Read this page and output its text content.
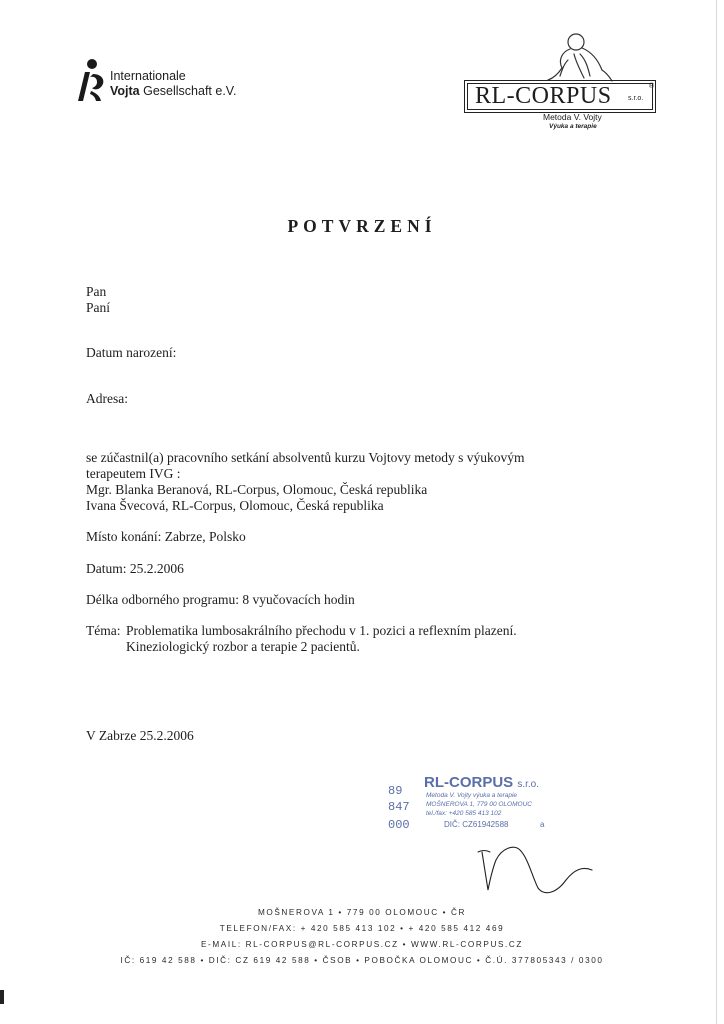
Internationale
Vojta Gesellschaft e.V.	RL-CORPUS s.r.o.
®
Metoda V. Vojty
Výuka a terapie
POTVRZENÍ
Pan
Paní
Datum narození:
Adresa:
se zúčastnil(a) pracovního setkání absolventů kurzu Vojtovy metody s výukovým
terapeutem IVG :
Mgr. Blanka Beranová, RL-Corpus, Olomouc, Česká republika
Ivana Švecová, RL-Corpus, Olomouc, Česká republika
Místo konání: Zabrze, Polsko
Datum: 25.2.2006
Délka odborného programu: 8 vyučovacích hodin
Téma: Problematika lumbosakrálního přechodu v 1. pozici a reflexním plazení.
Kineziologický rozbor a terapie 2 pacientů.
V Zabrze 25.2.2006
RL-CORPUS s.r.o.
89
847
000
Metoda V. Vojty výuka a terapie
MOŠNEROVA 1, 779 00 OLOMOUC
tel./fax: +420 585 413 102
DIČ: CZ61942588	a
MOŠNEROVA 1 • 779 00 OLOMOUC • ČR
TELEFON/FAX: + 420 585 413 102 • + 420 585 412 469
E-MAIL: RL-CORPUS@RL-CORPUS.CZ • WWW.RL-CORPUS.CZ
IČ: 619 42 588 • DIČ: CZ 619 42 588 • ČSOB • POBOČKA OLOMOUC • Č.Ú. 377805343 / 0300
